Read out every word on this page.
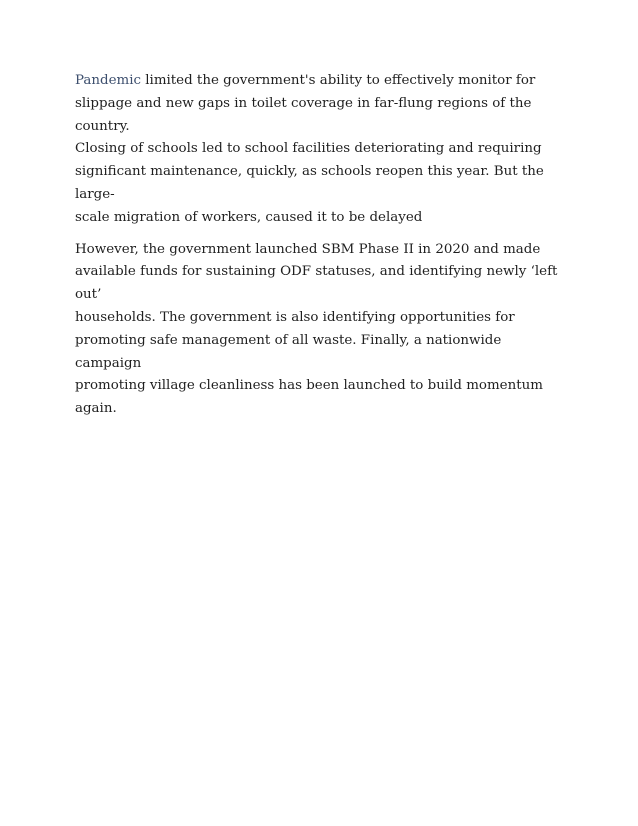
Pandemic limited the government's ability to effectively monitor for
slippage and new gaps in toilet coverage in far-flung regions of the country.
Closing of schools led to school facilities deteriorating and requiring
significant maintenance, quickly, as schools reopen this year. But the large-
scale migration of workers, caused it to be delayed

However, the government launched SBM Phase II in 2020 and made
available funds for sustaining ODF statuses, and identifying newly ‘left out’
households. The government is also identifying opportunities for
promoting safe management of all waste. Finally, a nationwide campaign
promoting village cleanliness has been launched to build momentum again.
